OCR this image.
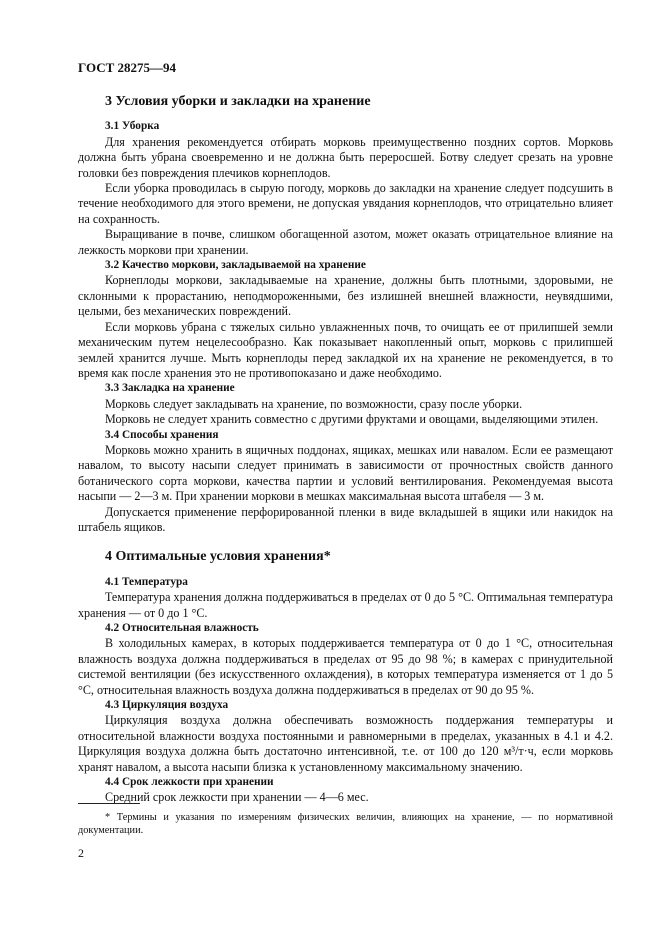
ГОСТ 28275—94
3 Условия уборки и закладки на хранение
3.1 Уборка

Для хранения рекомендуется отбирать морковь преимущественно поздних сортов. Морковь должна быть убрана своевременно и не должна быть переросшей. Ботву следует срезать на уровне головки без повреждения плечиков корнеплодов.

Если уборка проводилась в сырую погоду, морковь до закладки на хранение следует подсушить в течение необходимого для этого времени, не допуская увядания корнеплодов, что отрицательно влияет на сохранность.

Выращивание в почве, слишком обогащенной азотом, может оказать отрицательное влияние на лежкость моркови при хранении.

3.2 Качество моркови, закладываемой на хранение

Корнеплоды моркови, закладываемые на хранение, должны быть плотными, здоровыми, не склонными к прорастанию, неподмороженными, без излишней внешней влажности, неувядшими, целыми, без механических повреждений.

Если морковь убрана с тяжелых сильно увлажненных почв, то очищать ее от прилипшей земли механическим путем нецелесообразно. Как показывает накопленный опыт, морковь с прилипшей землей хранится лучше. Мыть корнеплоды перед закладкой их на хранение не рекомендуется, в то время как после хранения это не противопоказано и даже необходимо.

3.3 Закладка на хранение

Морковь следует закладывать на хранение, по возможности, сразу после уборки.

Морковь не следует хранить совместно с другими фруктами и овощами, выделяющими этилен.

3.4 Способы хранения

Морковь можно хранить в ящичных поддонах, ящиках, мешках или навалом. Если ее размещают навалом, то высоту насыпи следует принимать в зависимости от прочностных свойств данного ботанического сорта моркови, качества партии и условий вентилирования. Рекомендуемая высота насыпи — 2—3 м. При хранении моркови в мешках максимальная высота штабеля — 3 м.

Допускается применение перфорированной пленки в виде вкладышей в ящики или накидок на штабель ящиков.

4 Оптимальные условия хранения*
4.1 Температура

Температура хранения должна поддерживаться в пределах от 0 до 5 °С. Оптимальная температура хранения — от 0 до 1 °С.

4.2 Относительная влажность

В холодильных камерах, в которых поддерживается температура от 0 до 1 °С, относительная влажность воздуха должна поддерживаться в пределах от 95 до 98 %; в камерах с принудительной системой вентиляции (без искусственного охлаждения), в которых температура изменяется от 1 до 5 °С, относительная влажность воздуха должна поддерживаться в пределах от 90 до 95 %.

4.3 Циркуляция воздуха

Циркуляция воздуха должна обеспечивать возможность поддержания температуры и относительной влажности воздуха постоянными и равномерными в пределах, указанных в 4.1 и 4.2. Циркуляция воздуха должна быть достаточно интенсивной, т.е. от 100 до 120 м³/т·ч, если морковь хранят навалом, а высота насыпи близка к установленному максимальному значению.

4.4 Срок лежкости при хранении

Средний срок лежкости при хранении — 4—6 мес.

* Термины и указания по измерениям физических величин, влияющих на хранение, — по нормативной документации.
2
